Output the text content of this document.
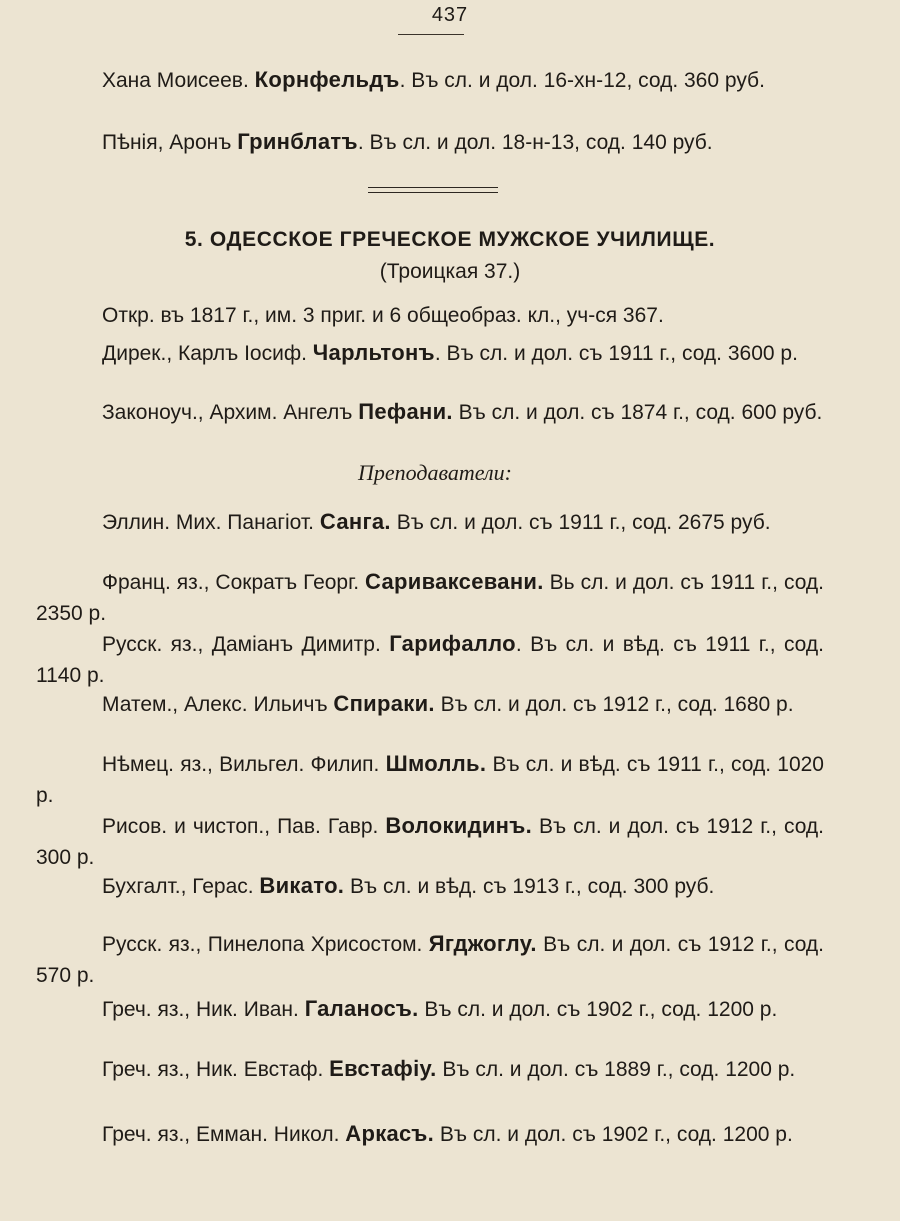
437
Хана Моисеев. Корнфельдъ. Въ сл. и дол. 16-хн-12, сод. 360 руб.
Пѣнія, Аронъ Гринблатъ. Въ сл. и дол. 18-н-13, сод. 140 руб.
5. ОДЕССКОЕ ГРЕЧЕСКОЕ МУЖСКОЕ УЧИЛИЩЕ.
(Троицкая 37.)
Откр. въ 1817 г., им. 3 приг. и 6 общеобраз. кл., уч-ся 367.
Дирек., Карлъ Іосиф. Чарльтонъ. Въ сл. и дол. съ 1911 г., сод. 3600 р.
Законоуч., Архим. Ангелъ Пефани. Въ сл. и дол. съ 1874 г., сод. 600 руб.
Преподаватели:
Эллин. Мих. Панагіот. Санга. Въ сл. и дол. съ 1911 г., сод. 2675 руб.
Франц. яз., Сократъ Георг. Сариваксевани. Вь сл. и дол. съ 1911 г., сод. 2350 р.
Русск. яз., Даміанъ Димитр. Гарифалло. Въ сл. и вѣд. съ 1911 г., сод. 1140 р.
Матем., Алекс. Ильичъ Спираки. Въ сл. и дол. съ 1912 г., сод. 1680 р.
Нѣмец. яз., Вильгел. Филип. Шмолль. Въ сл. и вѣд. съ 1911 г., сод. 1020 р.
Рисов. и чистоп., Пав. Гавр. Волокидинъ. Въ сл. и дол. съ 1912 г., сод. 300 р.
Бухгалт., Герас. Викато. Въ сл. и вѣд. съ 1913 г., сод. 300 руб.
Русск. яз., Пинелопа Хрисостом. Ягджоглу. Въ сл. и дол. съ 1912 г., сод. 570 р.
Греч. яз., Ник. Иван. Галаносъ. Въ сл. и дол. съ 1902 г., сод. 1200 р.
Греч. яз., Ник. Евстаф. Евстафіу. Въ сл. и дол. съ 1889 г., сод. 1200 р.
Греч. яз., Емман. Никол. Аркасъ. Въ сл. и дол. съ 1902 г., сод. 1200 р.
